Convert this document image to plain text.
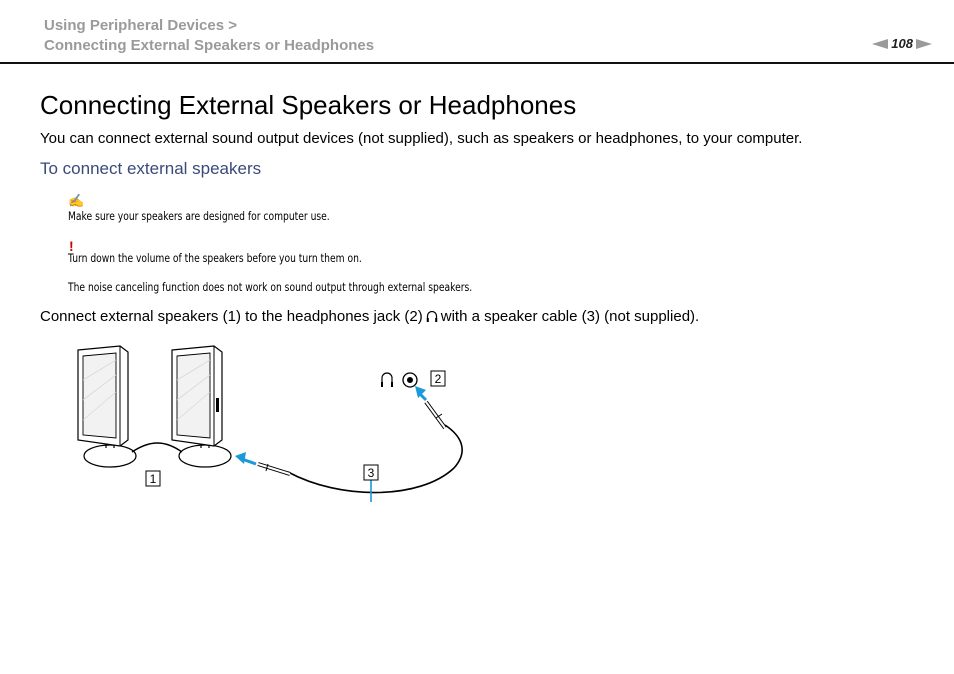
Using Peripheral Devices >
Connecting External Speakers or Headphones	108
Connecting External Speakers or Headphones

You can connect external sound output devices (not supplied), such as speakers or headphones, to your computer.

To connect external speakers
✍

Make sure your speakers are designed for computer use.

!

Turn down the volume of the speakers before you turn them on.

The noise canceling function does not work on sound output through external speakers.

Connect external speakers (1) to the headphones jack (2) with a speaker cable (3) (not supplied).

1
2
3
